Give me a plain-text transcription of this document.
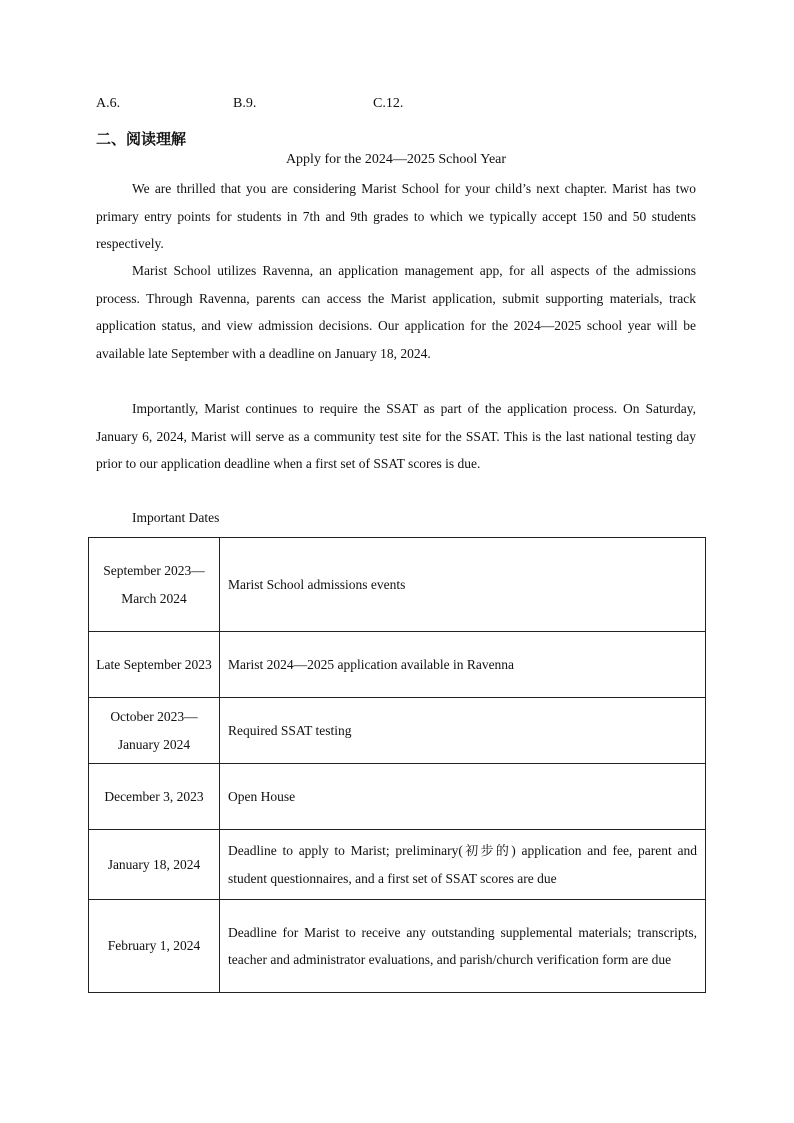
A.6.	B.9.	C.12.
二、阅读理解
Apply for the 2024—2025 School Year

We are thrilled that you are considering Marist School for your child’s next chapter. Marist has two primary entry points for students in 7th and 9th grades to which we typically accept 150 and 50 students respectively.

Marist School utilizes Ravenna, an application management app, for all aspects of the admissions process. Through Ravenna, parents can access the Marist application, submit supporting materials, track application status, and view admission decisions. Our application for the 2024—2025 school year will be available late September with a deadline on January 18, 2024.

Importantly, Marist continues to require the SSAT as part of the application process. On Saturday, January 6, 2024, Marist will serve as a community test site for the SSAT. This is the last national testing day prior to our application deadline when a first set of SSAT scores is due.

Important Dates
September 2023—March 2024	Marist School admissions events
Late September 2023	Marist 2024—2025 application available in Ravenna
October 2023—January 2024	Required SSAT testing
December 3, 2023	Open House
January 18, 2024	Deadline to apply to Marist; preliminary(初步的) application and fee, parent and student questionnaires, and a first set of SSAT scores are due
February 1, 2024	Deadline for Marist to receive any outstanding supplemental materials; transcripts, teacher and administrator evaluations, and parish/church verification form are due
